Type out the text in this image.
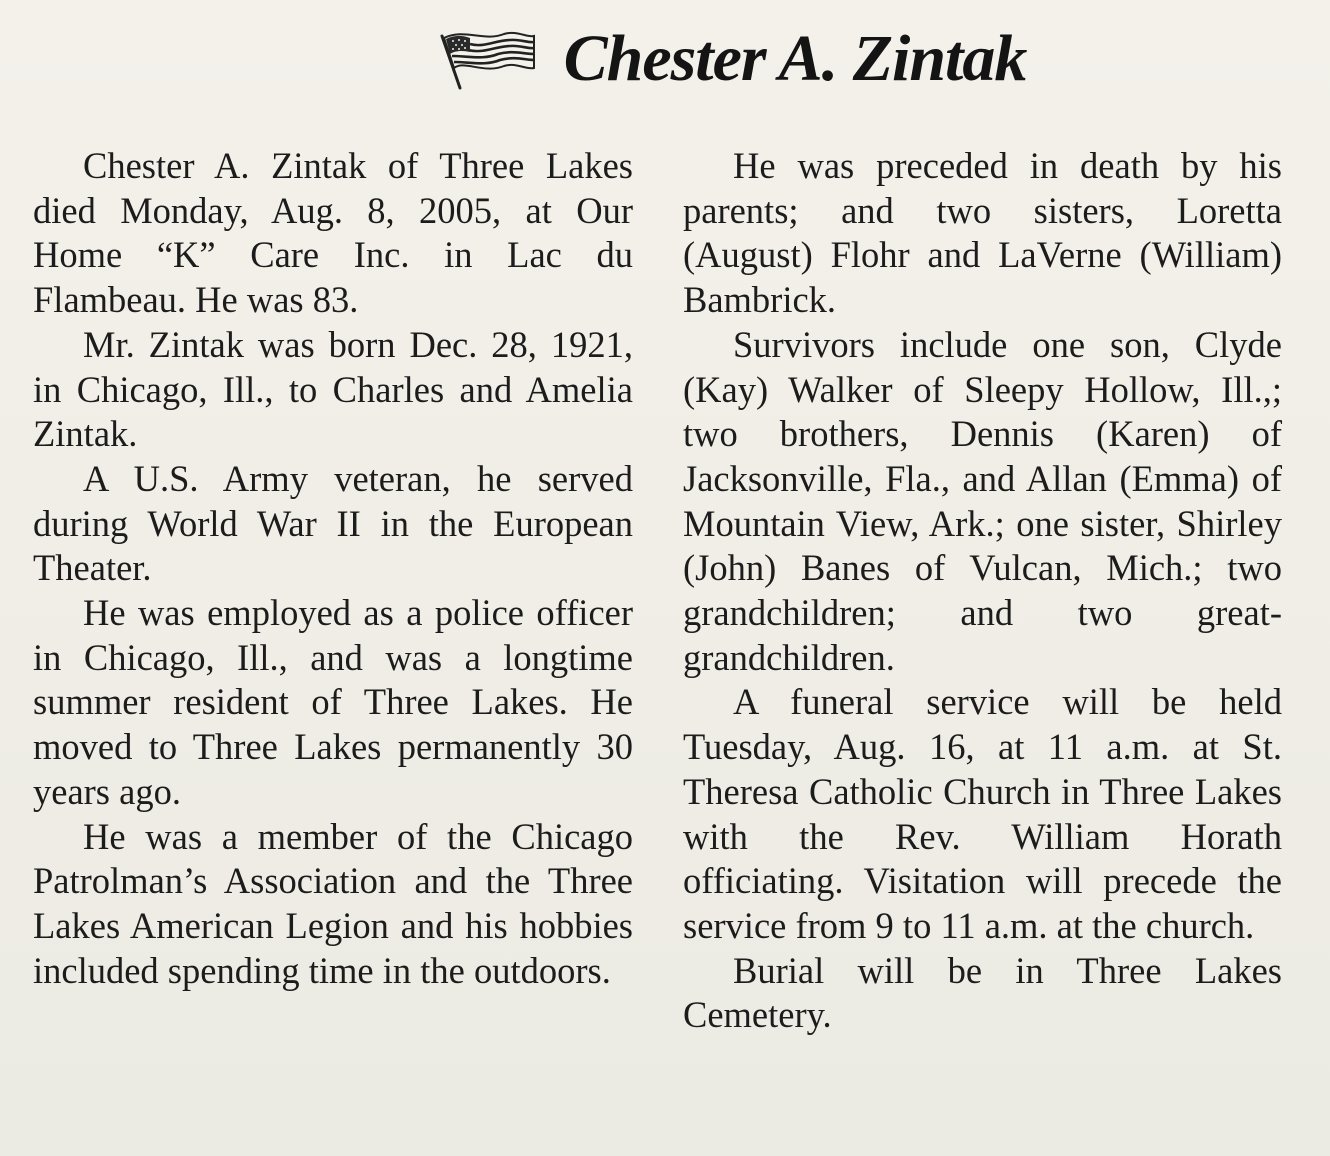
Chester A. Zintak

Chester A. Zintak of Three Lakes died Monday, Aug. 8, 2005, at Our Home “K” Care Inc. in Lac du Flambeau. He was 83.

Mr. Zintak was born Dec. 28, 1921, in Chicago, Ill., to Charles and Amelia Zintak.

A U.S. Army veteran, he served during World War II in the European Theater.

He was employed as a police officer in Chicago, Ill., and was a longtime summer resident of Three Lakes. He moved to Three Lakes permanently 30 years ago.

He was a member of the Chicago Patrolman’s Association and the Three Lakes American Legion and his hobbies included spending time in the outdoors.

He was preceded in death by his parents; and two sisters, Loretta (August) Flohr and LaVerne (William) Bambrick.

Survivors include one son, Clyde (Kay) Walker of Sleepy Hollow, Ill.,; two brothers, Dennis (Karen) of Jacksonville, Fla., and Allan (Emma) of Mountain View, Ark.; one sister, Shirley (John) Banes of Vulcan, Mich.; two grandchildren; and two great-grandchildren.

A funeral service will be held Tuesday, Aug. 16, at 11 a.m. at St. Theresa Catholic Church in Three Lakes with the Rev. William Horath officiating. Visitation will precede the service from 9 to 11 a.m. at the church.

Burial will be in Three Lakes Cemetery.
